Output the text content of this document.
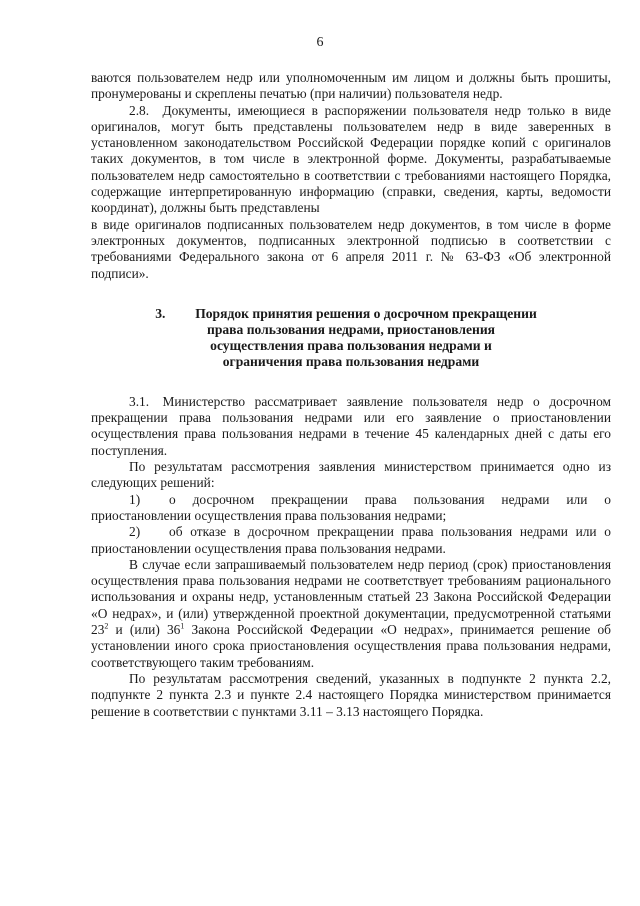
6

ваются пользователем недр или уполномоченным им лицом и должны быть прошиты, пронумерованы и скреплены печатью (при наличии) пользователя недр.

2.8. Документы, имеющиеся в распоряжении пользователя недр только в виде оригиналов, могут быть представлены пользователем недр в виде заверенных в установленном законодательством Российской Федерации порядке копий с оригиналов таких документов, в том числе в электронной форме. Документы, разрабатываемые пользователем недр самостоятельно в соответствии с требованиями настоящего Порядка, содержащие интерпретированную информацию (справки, сведения, карты, ведомости координат), должны быть представлены

в виде оригиналов подписанных пользователем недр документов, в том числе в форме электронных документов, подписанных электронной подписью в соответствии с требованиями Федерального закона от 6 апреля 2011 г. № 63-ФЗ «Об электронной подписи».

3. Порядок принятия решения о досрочном прекращении
права пользования недрами, приостановления
осуществления права пользования недрами и
ограничения права пользования недрами

3.1. Министерство рассматривает заявление пользователя недр о досрочном прекращении права пользования недрами или его заявление о приостановлении осуществления права пользования недрами в течение 45 календарных дней с даты его поступления.

По результатам рассмотрения заявления министерством принимается одно из следующих решений:

1) о досрочном прекращении права пользования недрами или о приостановлении осуществления права пользования недрами;

2) об отказе в досрочном прекращении права пользования недрами или о приостановлении осуществления права пользования недрами.

В случае если запрашиваемый пользователем недр период (срок) приостановления осуществления права пользования недрами не соответствует требованиям рационального использования и охраны недр, установленным статьей 23 Закона Российской Федерации «О недрах», и (или) утвержденной проектной документации, предусмотренной статьями $23^2$ и (или) $36^1$ Закона Российской Федерации «О недрах», принимается решение об установлении иного срока приостановления осуществления права пользования недрами, соответствующего таким требованиям.

По результатам рассмотрения сведений, указанных в подпункте 2 пункта 2.2, подпункте 2 пункта 2.3 и пункте 2.4 настоящего Порядка министерством принимается решение в соответствии с пунктами 3.11 – 3.13 настоящего Порядка.
